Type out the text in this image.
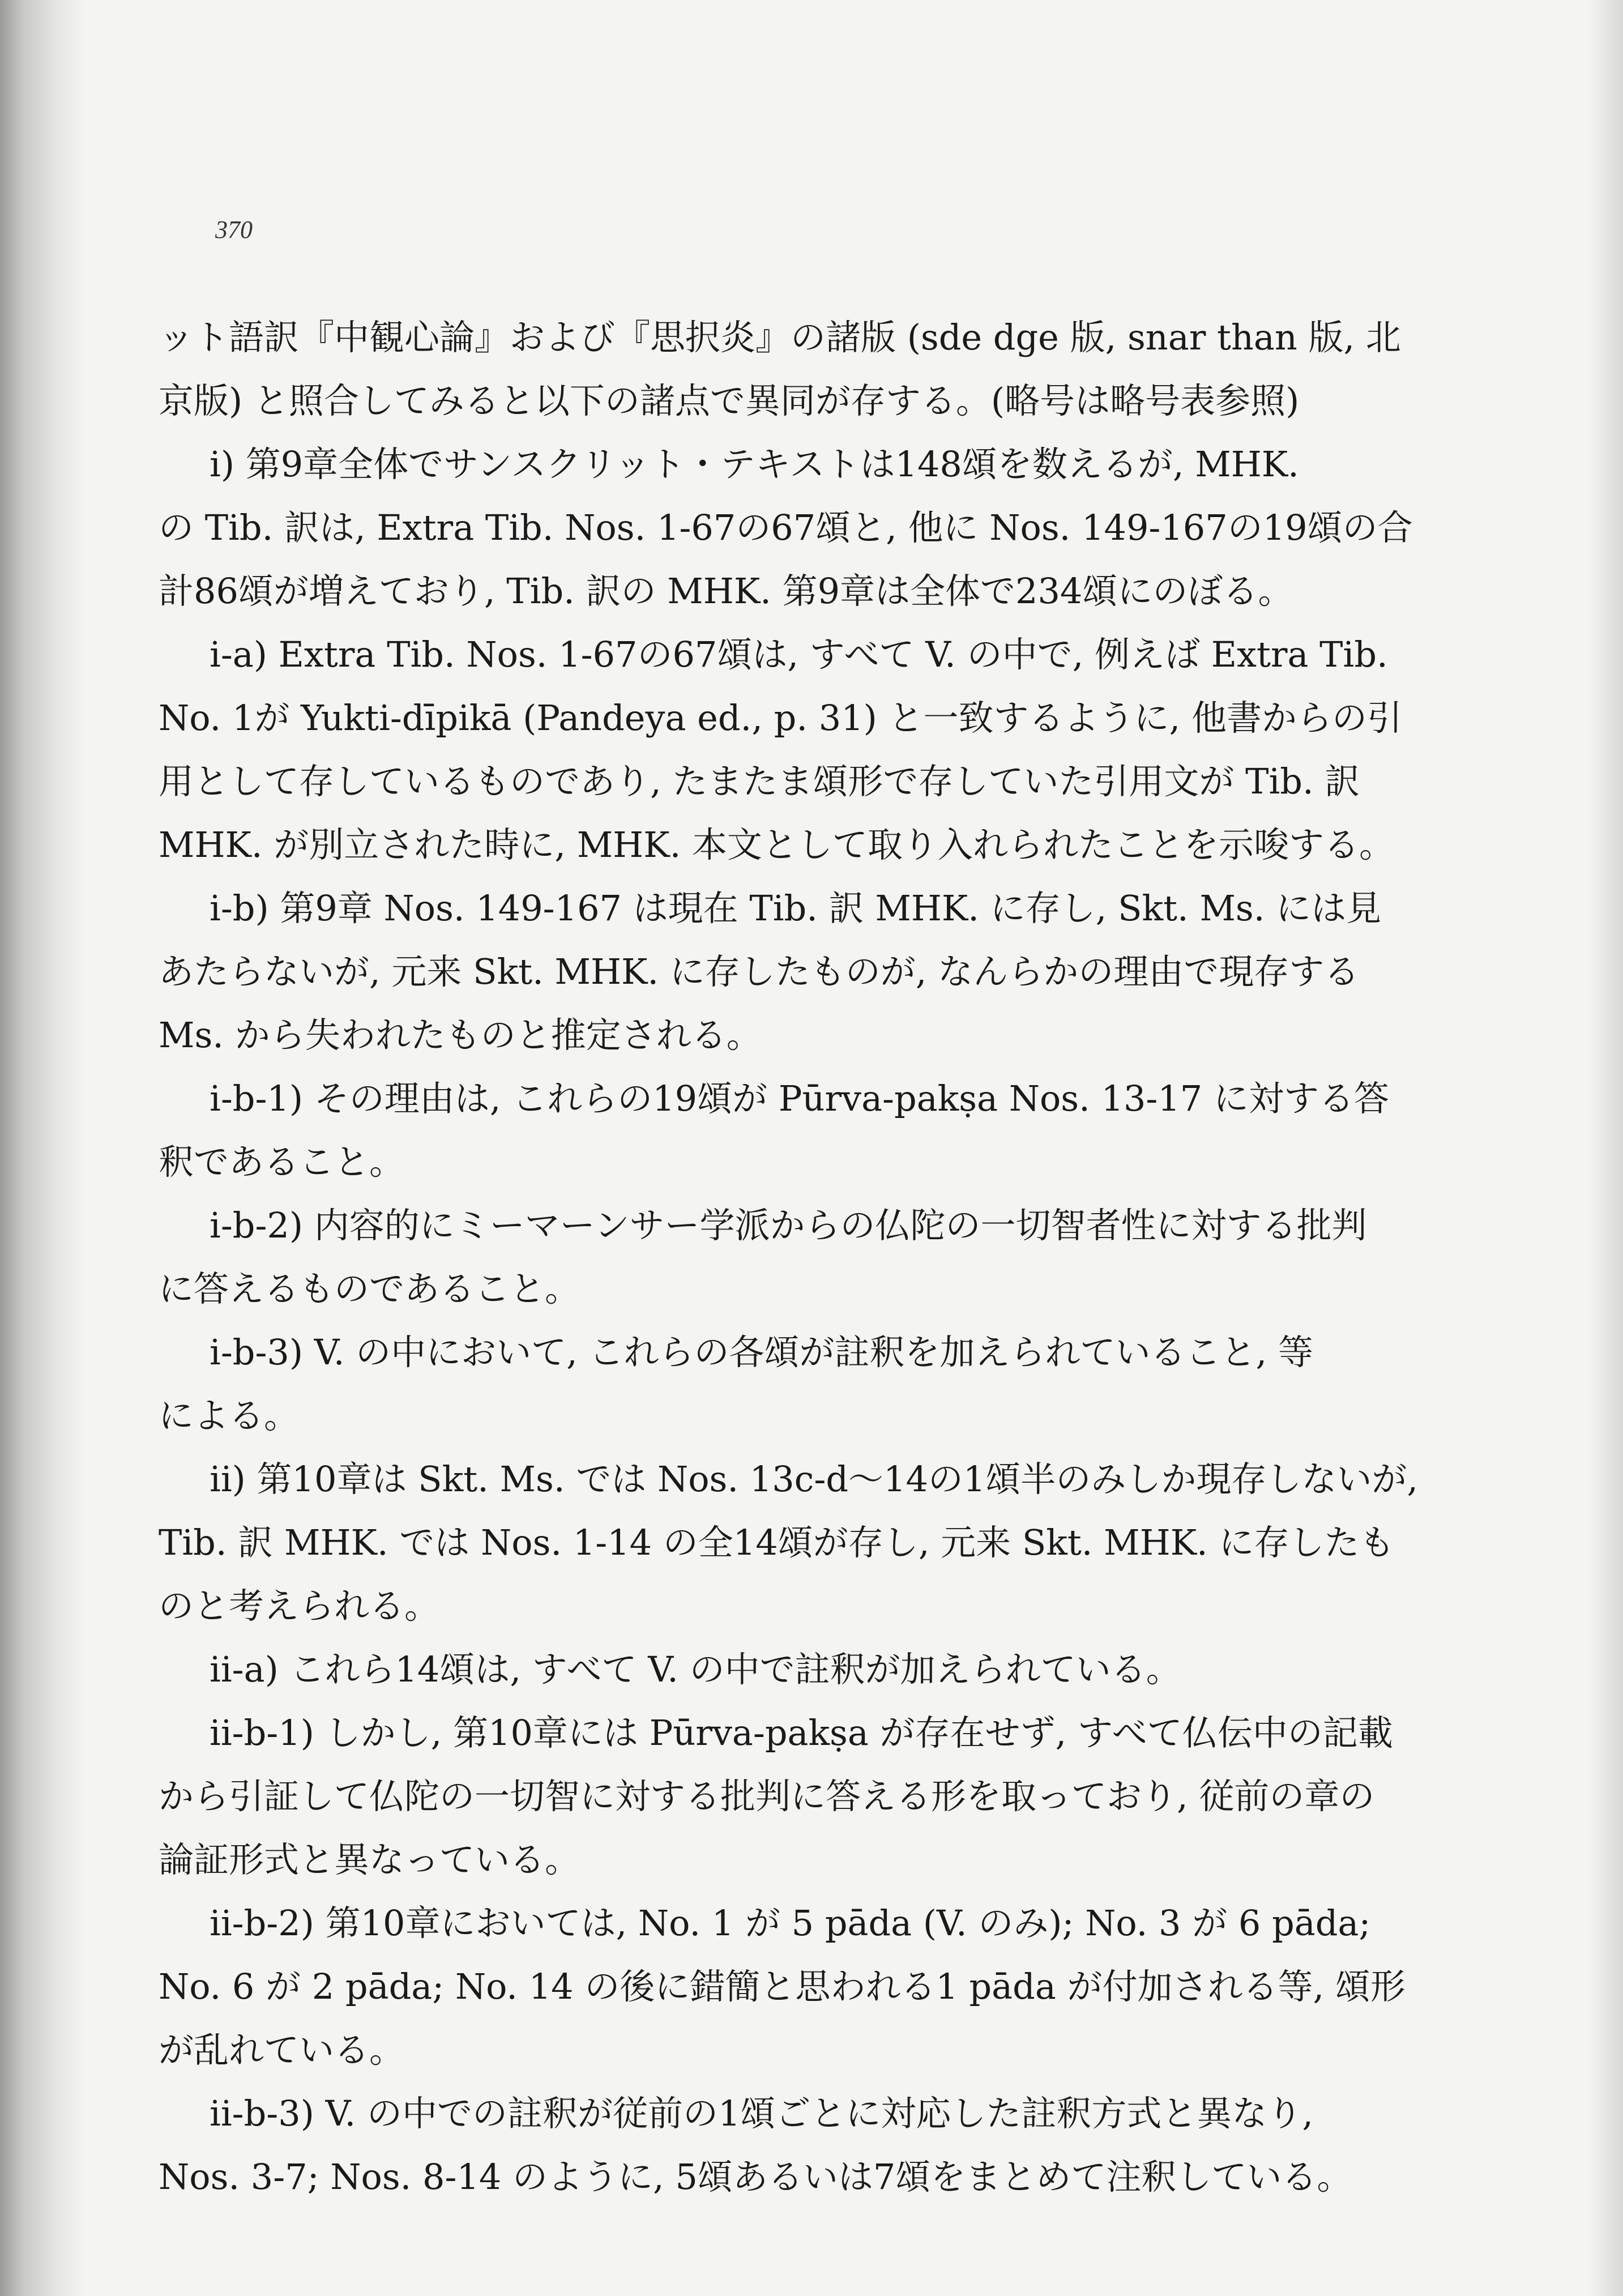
370
ット語訳『中観心論』および『思択炎』の諸版 (sde dge 版, snar than 版, 北
京版) と照合してみると以下の諸点で異同が存する。(略号は略号表参照)
i) 第9章全体でサンスクリット・テキストは148頌を数えるが, MHK.
の Tib. 訳は, Extra Tib. Nos. 1-67の67頌と, 他に Nos. 149-167の19頌の合
計86頌が増えており, Tib. 訳の MHK. 第9章は全体で234頌にのぼる。
i-a) Extra Tib. Nos. 1-67の67頌は, すべて V. の中で, 例えば Extra Tib.
No. 1が Yukti-dīpikā (Pandeya ed., p. 31) と一致するように, 他書からの引
用として存しているものであり, たまたま頌形で存していた引用文が Tib. 訳
MHK. が別立された時に, MHK. 本文として取り入れられたことを示唆する。
i-b) 第9章 Nos. 149-167 は現在 Tib. 訳 MHK. に存し, Skt. Ms. には見
あたらないが, 元来 Skt. MHK. に存したものが, なんらかの理由で現存する
Ms. から失われたものと推定される。
i-b-1) その理由は, これらの19頌が Pūrva-pakṣa Nos. 13-17 に対する答
釈であること。
i-b-2) 内容的にミーマーンサー学派からの仏陀の一切智者性に対する批判
に答えるものであること。
i-b-3) V. の中において, これらの各頌が註釈を加えられていること, 等
による。
ii) 第10章は Skt. Ms. では Nos. 13c-d〜14の1頌半のみしか現存しないが,
Tib. 訳 MHK. では Nos. 1-14 の全14頌が存し, 元来 Skt. MHK. に存したも
のと考えられる。
ii-a) これら14頌は, すべて V. の中で註釈が加えられている。
ii-b-1) しかし, 第10章には Pūrva-pakṣa が存在せず, すべて仏伝中の記載
から引証して仏陀の一切智に対する批判に答える形を取っており, 従前の章の
論証形式と異なっている。
ii-b-2) 第10章においては, No. 1 が 5 pāda (V. のみ); No. 3 が 6 pāda;
No. 6 が 2 pāda; No. 14 の後に錯簡と思われる1 pāda が付加される等, 頌形
が乱れている。
ii-b-3) V. の中での註釈が従前の1頌ごとに対応した註釈方式と異なり,
Nos. 3-7; Nos. 8-14 のように, 5頌あるいは7頌をまとめて注釈している。
